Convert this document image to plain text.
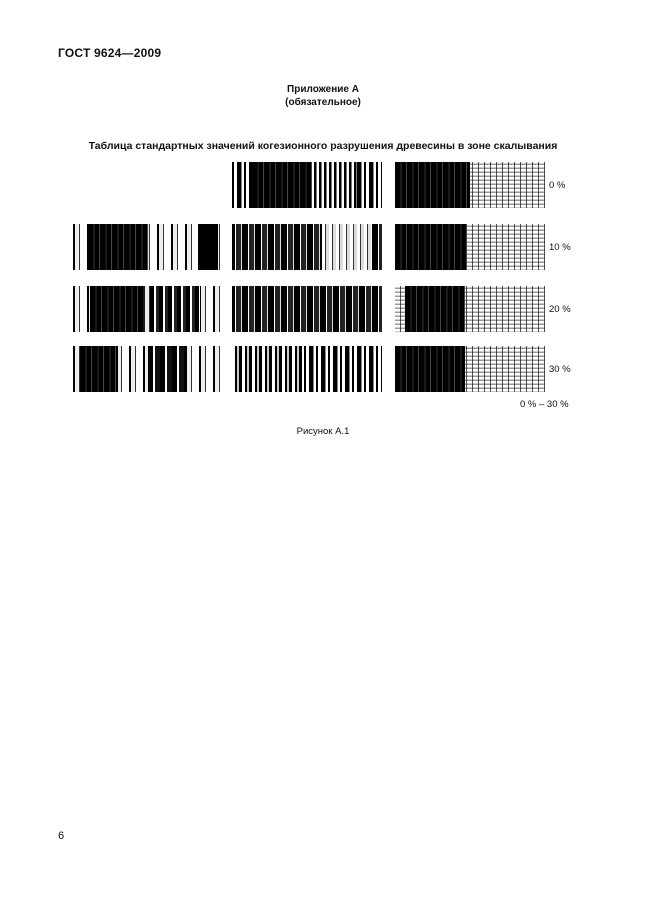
ГОСТ 9624—2009
Приложение А
(обязательное)
Таблица стандартных значений когезионного разрушения древесины в зоне скалывания
0 %
10 %
20 %
30 %
0 % – 30 %
Рисунок А.1
6
